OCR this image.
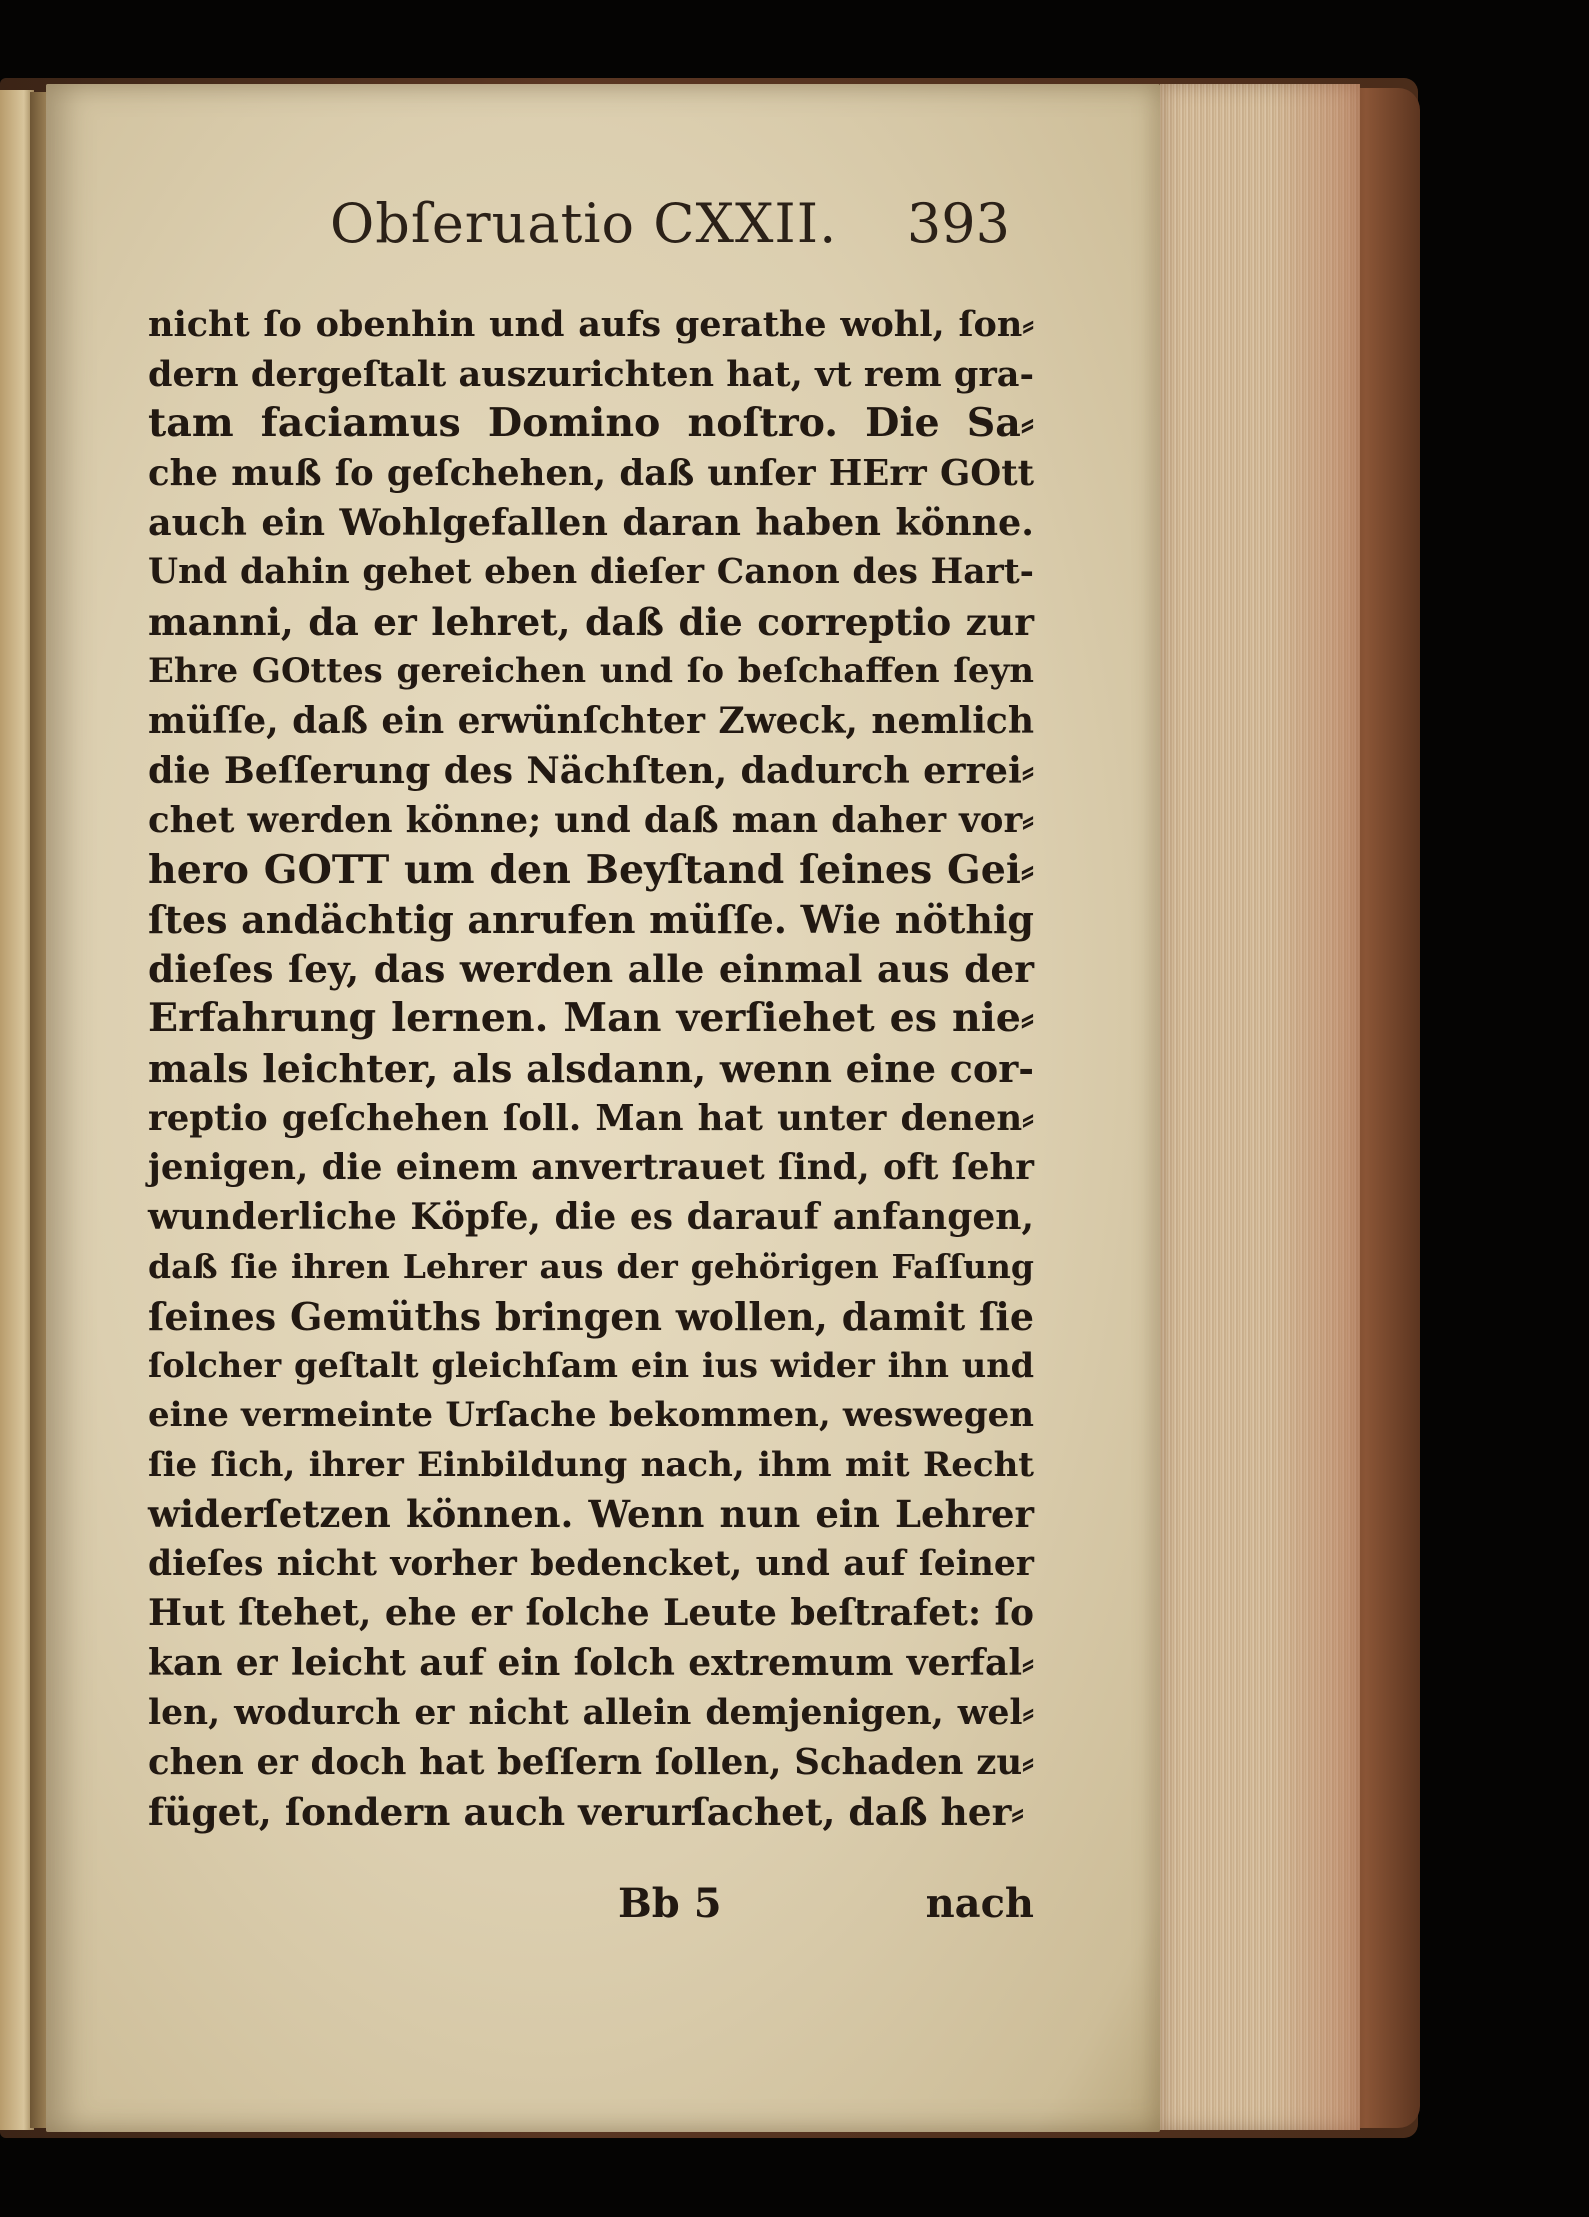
Obſeruatio CXXII. 393
nicht ſo obenhin und aufs gerathe wohl, ſon⸗
dern dergeſtalt auszurichten hat, vt rem gra-
tam faciamus Domino noſtro. Die Sa⸗
che muß ſo geſchehen, daß unſer HErr GOtt
auch ein Wohlgefallen daran haben könne.
Und dahin gehet eben dieſer Canon des Hart-
manni, da er lehret, daß die correptio zur
Ehre GOttes gereichen und ſo beſchaffen ſeyn
müſſe, daß ein erwünſchter Zweck, nemlich
die Beſſerung des Nächſten, dadurch errei⸗
chet werden könne; und daß man daher vor⸗
hero GOTT um den Beyſtand ſeines Gei⸗
ſtes andächtig anrufen müſſe. Wie nöthig
dieſes ſey, das werden alle einmal aus der
Erfahrung lernen. Man verſiehet es nie⸗
mals leichter, als alsdann, wenn eine cor-
reptio geſchehen ſoll. Man hat unter denen⸗
jenigen, die einem anvertrauet ſind, oft ſehr
wunderliche Köpfe, die es darauf anfangen,
daß ſie ihren Lehrer aus der gehörigen Faſſung
ſeines Gemüths bringen wollen, damit ſie
ſolcher geſtalt gleichſam ein ius wider ihn und
eine vermeinte Urſache bekommen, weswegen
ſie ſich, ihrer Einbildung nach, ihm mit Recht
widerſetzen können. Wenn nun ein Lehrer
dieſes nicht vorher bedencket, und auf ſeiner
Hut ſtehet, ehe er ſolche Leute beſtrafet: ſo
kan er leicht auf ein ſolch extremum verfal⸗
len, wodurch er nicht allein demjenigen, wel⸗
chen er doch hat beſſern ſollen, Schaden zu⸗
füget, ſondern auch verurſachet, daß her⸗
Bb 5	nach
